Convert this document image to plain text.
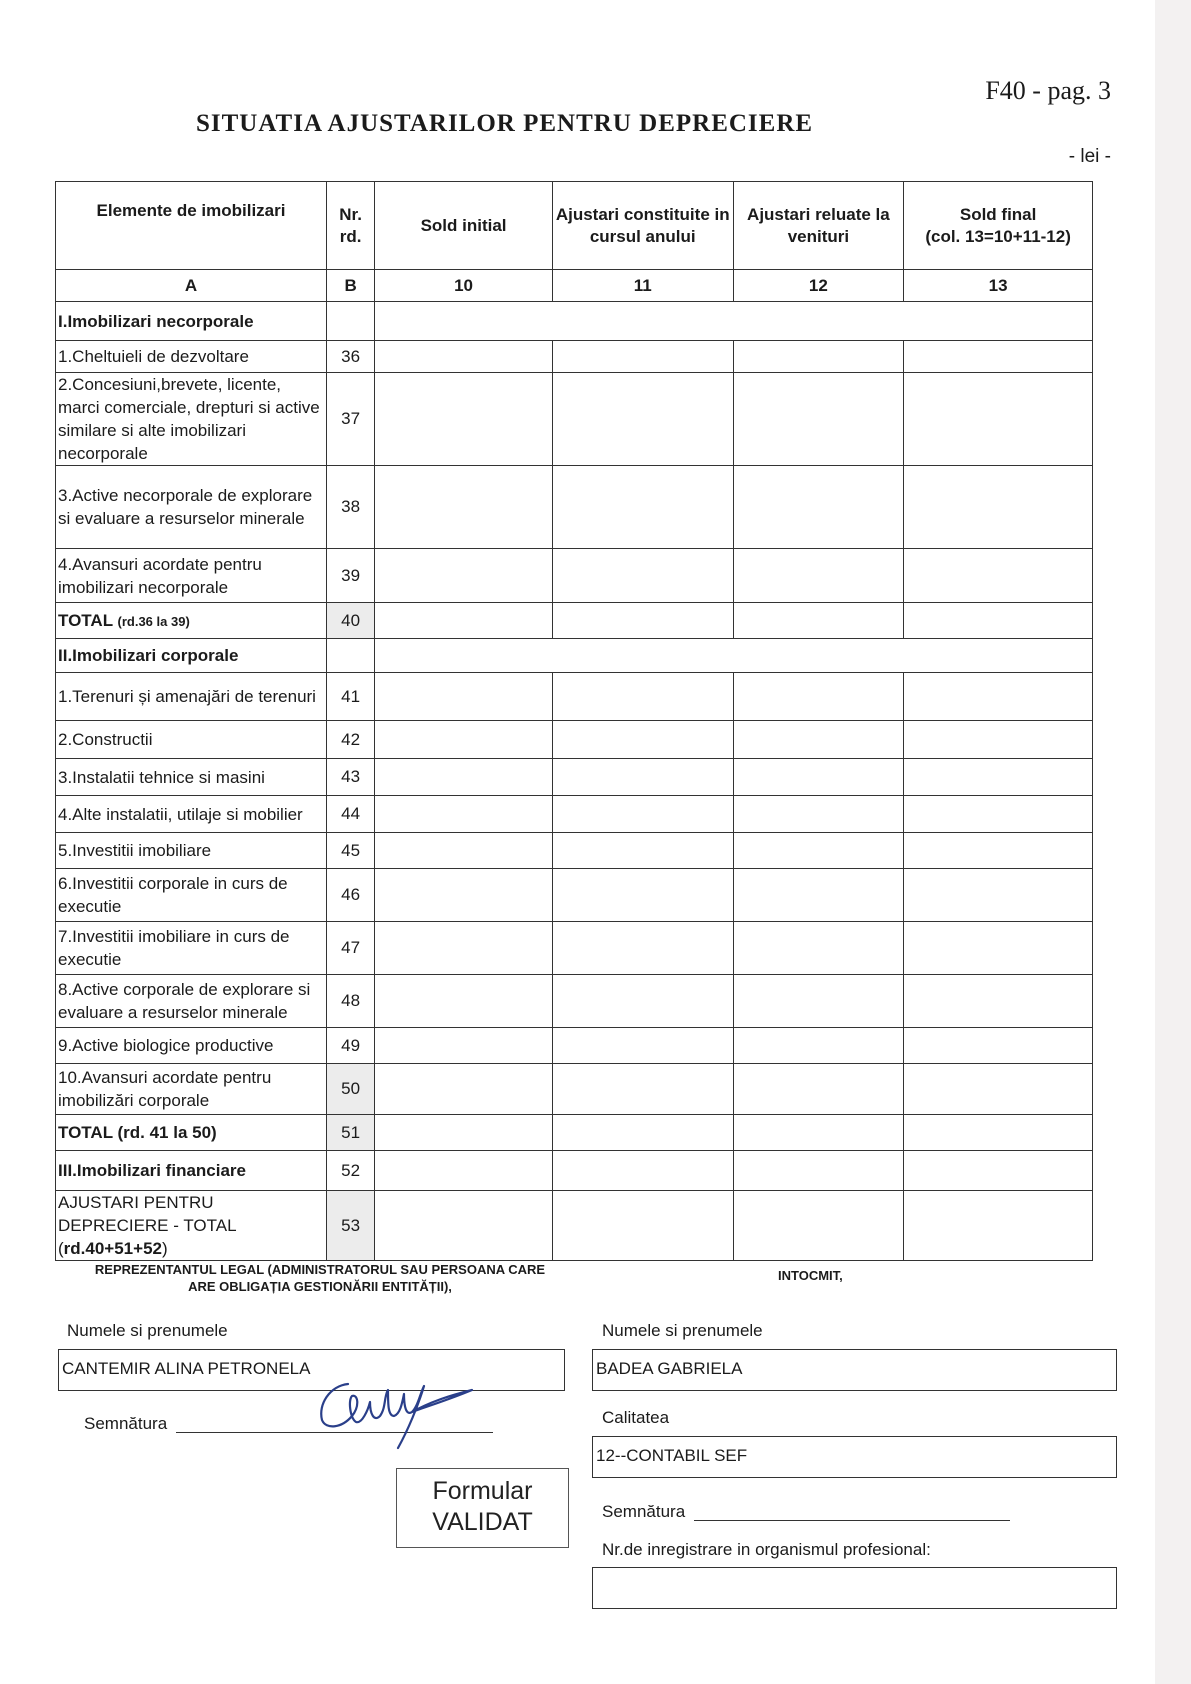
F40 - pag. 3
SITUATIA AJUSTARILOR PENTRU DEPRECIERE
- lei -
Elemente de imobilizari	Nr. rd.	Sold initial	Ajustari constituite in cursul anului	Ajustari reluate la venituri	Sold final
(col. 13=10+11-12)

A	B	10	11	12	13
I.Imobilizari necorporale					
1.Cheltuieli de dezvoltare	36				
2.Concesiuni,brevete, licente, marci comerciale, drepturi si active similare si alte imobilizari necorporale	37				
3.Active necorporale de explorare si evaluare a resurselor minerale	38				
4.Avansuri acordate pentru imobilizari necorporale	39				
TOTAL (rd.36 la 39)	40				
II.Imobilizari corporale					
1.Terenuri și amenajări de terenuri	41				
2.Constructii	42				
3.Instalatii tehnice si masini	43				
4.Alte instalatii, utilaje si mobilier	44				
5.Investitii imobiliare	45				
6.Investitii corporale in curs de executie	46				
7.Investitii imobiliare in curs de executie	47				
8.Active corporale de explorare si evaluare a resurselor minerale	48				
9.Active biologice productive	49				
10.Avansuri acordate pentru imobilizări corporale	50				
TOTAL (rd. 41 la 50)	51				
III.Imobilizari financiare	52				
AJUSTARI PENTRU DEPRECIERE - TOTAL (rd.40+51+52)	53				
REPREZENTANTUL LEGAL (ADMINISTRATORUL SAU PERSOANA CARE
ARE OBLIGAȚIA GESTIONĂRII ENTITĂȚII),
INTOCMIT,
Numele si prenumele
CANTEMIR ALINA PETRONELA
Semnătura
Formular
VALIDAT
Numele si prenumele
BADEA GABRIELA
Calitatea
12--CONTABIL SEF
Semnătura
Nr.de inregistrare in organismul profesional:
